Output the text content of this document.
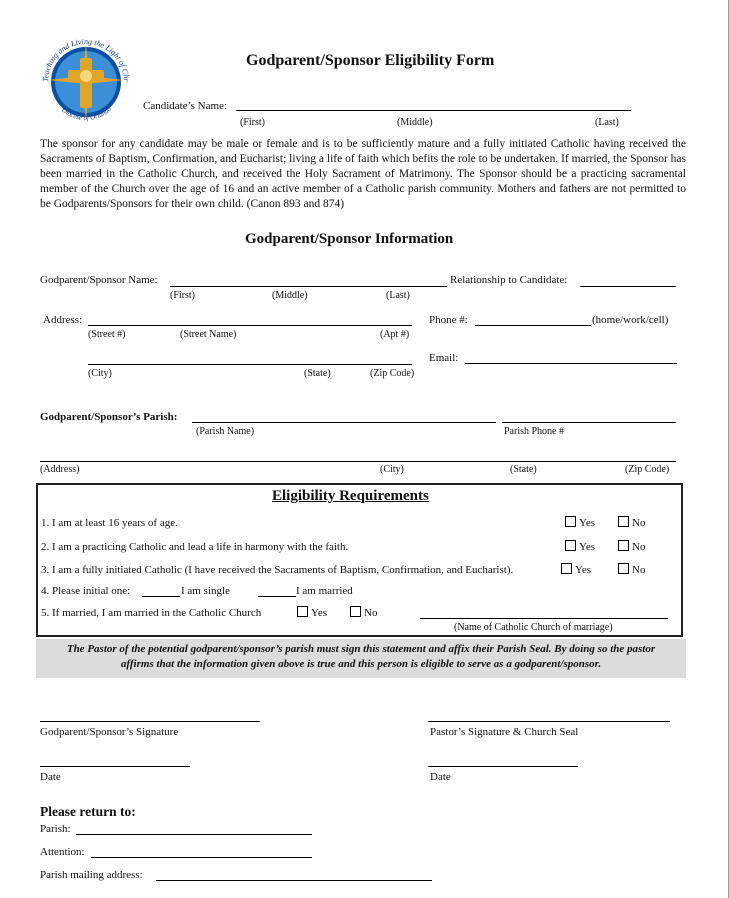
Teaching and Living the Light of Chr
Diocese of Orlando
Godparent/Sponsor Eligibility Form
Candidate’s Name:
(First)	(Middle)	(Last)

The sponsor for any candidate may be male or female and is to be sufficiently mature and a fully initiated Catholic having received the Sacraments of Baptism, Confirmation, and Eucharist; living a life of faith which befits the role to be undertaken. If married, the Sponsor has been married in the Catholic Church, and received the Holy Sacrament of Matrimony. The Sponsor should be a practicing sacramental member of the Church over the age of 16 and an active member of a Catholic parish community. Mothers and fathers are not permitted to be Godparents/Sponsors for their own child. (Canon 893 and 874)

Godparent/Sponsor Information
Godparent/Sponsor Name:
(First)	(Middle)	(Last)
Relationship to Candidate:
Address:
(Street #)	(Street Name)	(Apt #)
Phone #:	(home/work/cell)
(City)	(State)	(Zip Code)
Email:
Godparent/Sponsor’s Parish:
(Parish Name)	Parish Phone #
(Address)	(City)	(State)	(Zip Code)
Eligibility Requirements
1. I am at least 16 years of age.	Yes	No
2. I am a practicing Catholic and lead a life in harmony with the faith.	Yes	No
3. I am a fully initiated Catholic (I have received the Sacraments of Baptism, Confirmation, and Eucharist).	Yes	No
4. Please initial one:	I am single	I am married
5. If married, I am married in the Catholic Church	Yes	No
(Name of Catholic Church of marriage)
The Pastor of the potential godparent/sponsor’s parish must sign this statement and affix their Parish Seal. By doing so the pastor affirms that the information given above is true and this person is eligible to serve as a godparent/sponsor.
Godparent/Sponsor’s Signature	Pastor’s Signature & Church Seal
Date	Date
Please return to:
Parish:
Attention:
Parish mailing address:
